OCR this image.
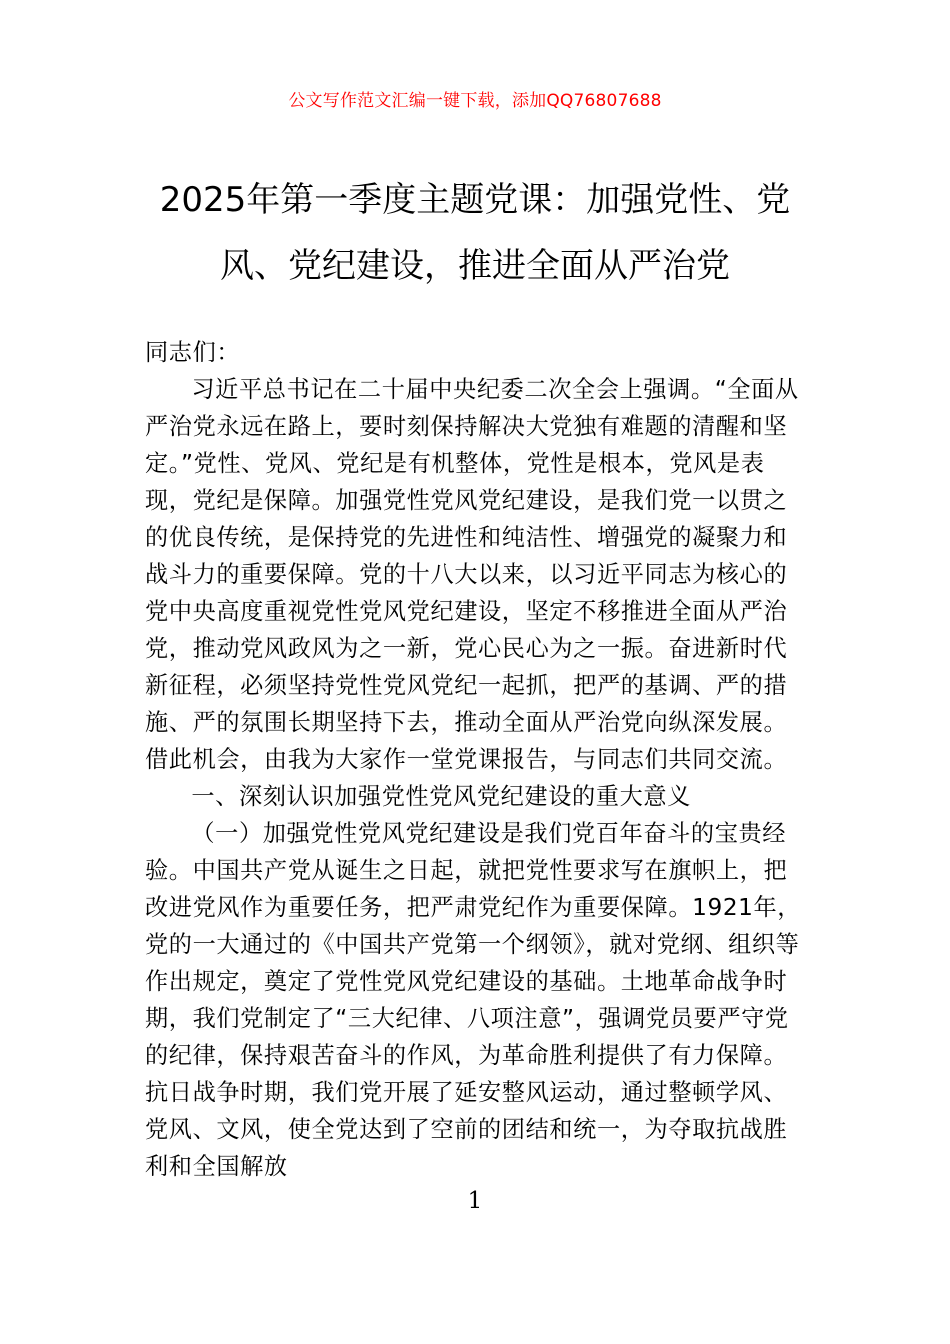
公文写作范文汇编一键下载，添加QQ76807688
2025年第一季度主题党课：加强党性、党
风、党纪建设，推进全面从严治党

同志们：

习近平总书记在二十届中央纪委二次全会上强调。“全面从严治党永远在路上，要时刻保持解决大党独有难题的清醒和坚定。”党性、党风、党纪是有机整体，党性是根本，党风是表现，党纪是保障。加强党性党风党纪建设，是我们党一以贯之的优良传统，是保持党的先进性和纯洁性、增强党的凝聚力和战斗力的重要保障。党的十八大以来，以习近平同志为核心的党中央高度重视党性党风党纪建设，坚定不移推进全面从严治党，推动党风政风为之一新，党心民心为之一振。奋进新时代新征程，必须坚持党性党风党纪一起抓，把严的基调、严的措施、严的氛围长期坚持下去，推动全面从严治党向纵深发展。借此机会，由我为大家作一堂党课报告，与同志们共同交流。

一、深刻认识加强党性党风党纪建设的重大意义

（一）加强党性党风党纪建设是我们党百年奋斗的宝贵经验。中国共产党从诞生之日起，就把党性要求写在旗帜上，把改进党风作为重要任务，把严肃党纪作为重要保障。1921年，党的一大通过的《中国共产党第一个纲领》，就对党纲、组织等作出规定，奠定了党性党风党纪建设的基础。土地革命战争时期，我们党制定了“三大纪律、八项注意”，强调党员要严守党的纪律，保持艰苦奋斗的作风，为革命胜利提供了有力保障。抗日战争时期，我们党开展了延安整风运动，通过整顿学风、党风、文风，使全党达到了空前的团结和统一，为夺取抗战胜利和全国解放

1
